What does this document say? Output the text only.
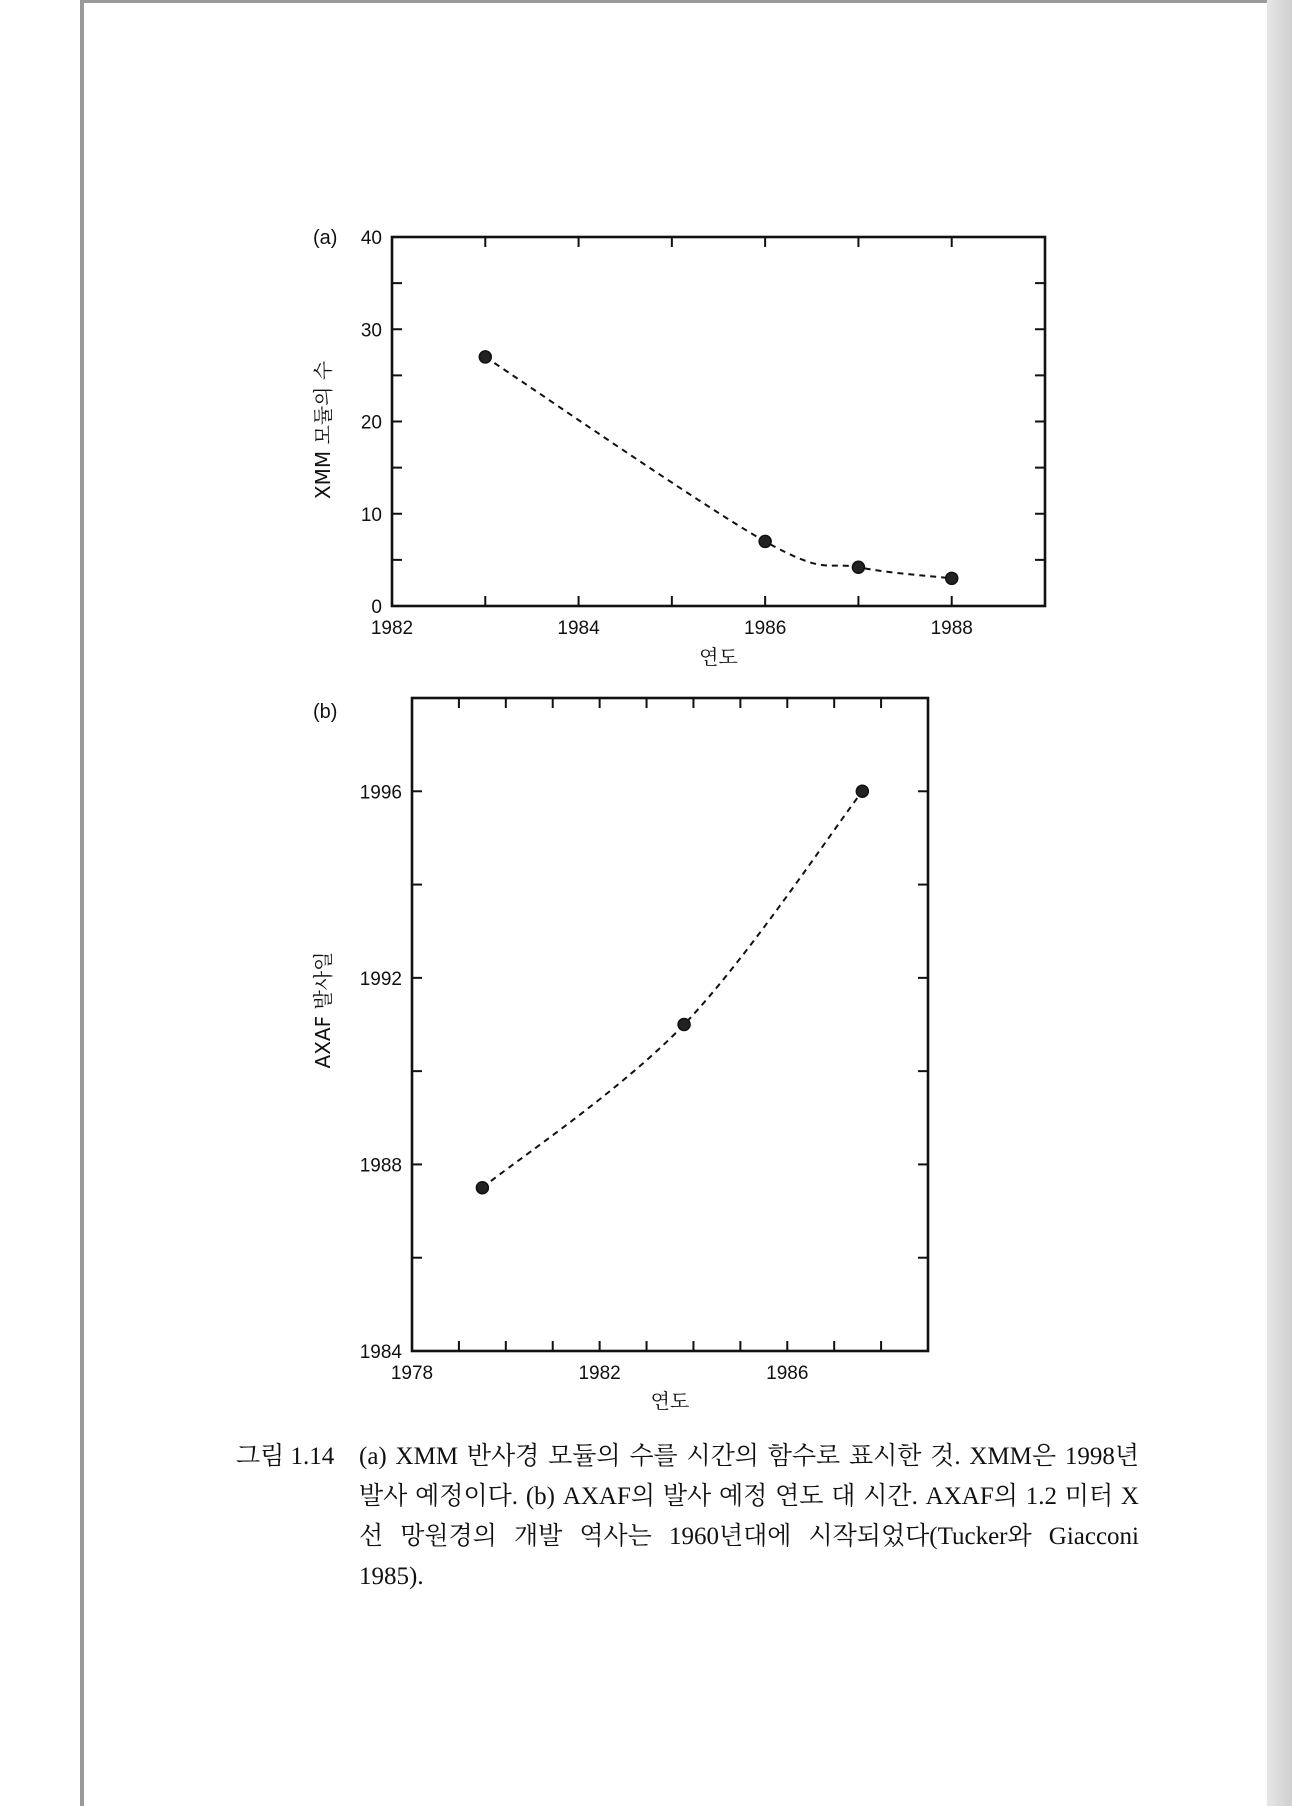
(a)
1982	1984	1986	1988
0
10
20
30
40
연도
XMM 모듈의 수
(b)
1978	1982	1986
1984
1988
1992
1996
연도
AXAF 발사일
그림 1.14 (a) XMM 반사경 모듈의 수를 시간의 함수로 표시한 것. XMM은 1998년 발사 예정이다. (b) AXAF의 발사 예정 연도 대 시간. AXAF의 1.2 미터 X선 망원경의 개발 역사는 1960년대에 시작되었다(Tucker와 Giacconi 1985).
